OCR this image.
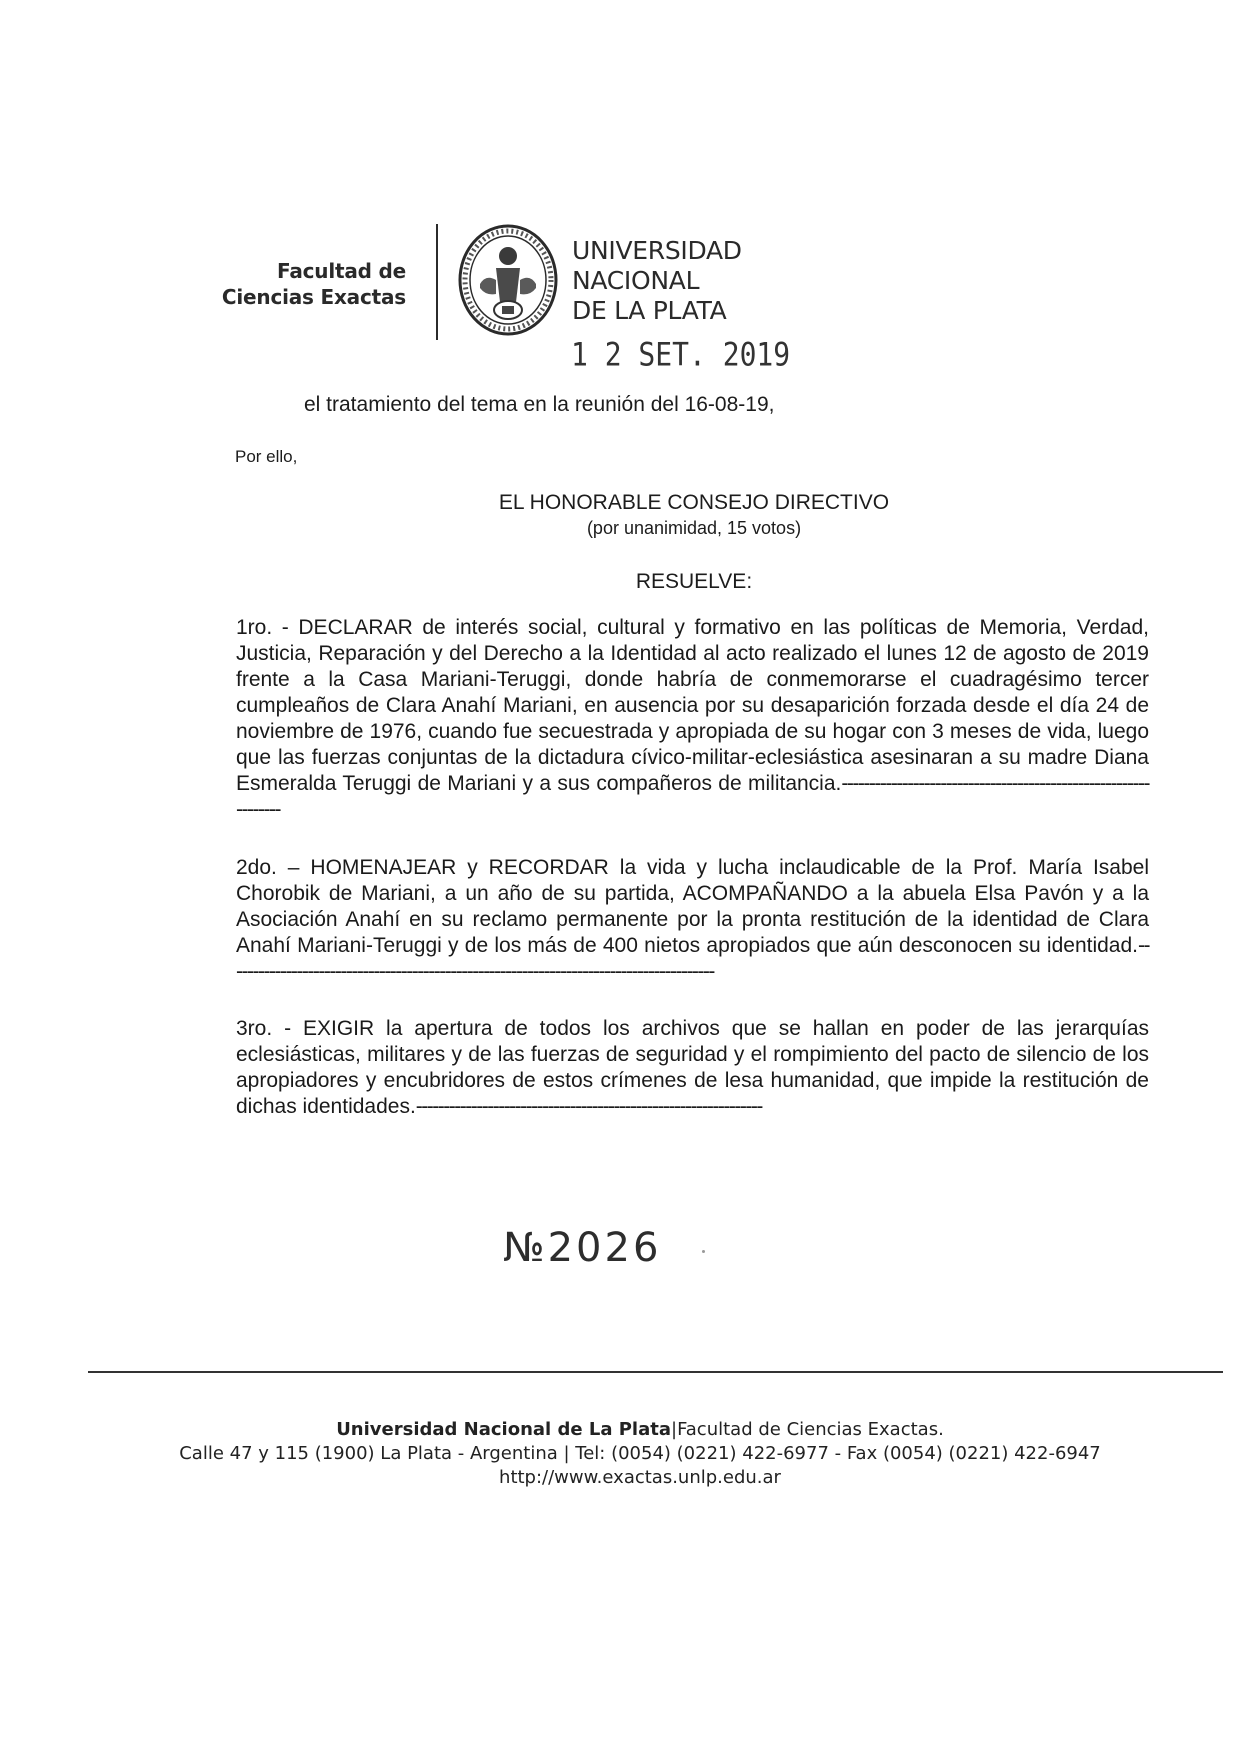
Facultad de
Ciencias Exactas
UNIVERSIDAD
NACIONAL
DE LA PLATA
1 2 SET. 2019
el tratamiento del tema en la reunión del 16-08-19,
Por ello,
EL HONORABLE CONSEJO DIRECTIVO
(por unanimidad, 15 votos)
RESUELVE:
1ro. - DECLARAR de interés social, cultural y formativo en las políticas de Memoria, Verdad, Justicia, Reparación y del Derecho a la Identidad al acto realizado el lunes 12 de agosto de 2019 frente a la Casa Mariani-Teruggi, donde habría de conmemorarse el cuadragésimo tercer cumpleaños de Clara Anahí Mariani, en ausencia por su desaparición forzada desde el día 24 de noviembre de 1976, cuando fue secuestrada y apropiada de su hogar con 3 meses de vida, luego que las fuerzas conjuntas de la dictadura cívico-militar-eclesiástica asesinaran a su madre Diana Esmeralda Teruggi de Mariani y a sus compañeros de militancia.----------------------------------------------------------------
2do. – HOMENAJEAR y RECORDAR la vida y lucha inclaudicable de la Prof. María Isabel Chorobik de Mariani, a un año de su partida, ACOMPAÑANDO a la abuela Elsa Pavón y a la Asociación Anahí en su reclamo permanente por la pronta restitución de la identidad de Clara Anahí Mariani-Teruggi y de los más de 400 nietos apropiados que aún desconocen su identidad.-----------------------------------------------------------------------------------------
3ro. - EXIGIR la apertura de todos los archivos que se hallan en poder de las jerarquías eclesiásticas, militares y de las fuerzas de seguridad y el rompimiento del pacto de silencio de los apropiadores y encubridores de estos crímenes de lesa humanidad, que impide la restitución de dichas identidades.---------------------------------------------------------------
№2026
Universidad Nacional de La Plata|Facultad de Ciencias Exactas.
Calle 47 y 115 (1900) La Plata - Argentina | Tel: (0054) (0221) 422-6977 - Fax (0054) (0221) 422-6947
http://www.exactas.unlp.edu.ar
